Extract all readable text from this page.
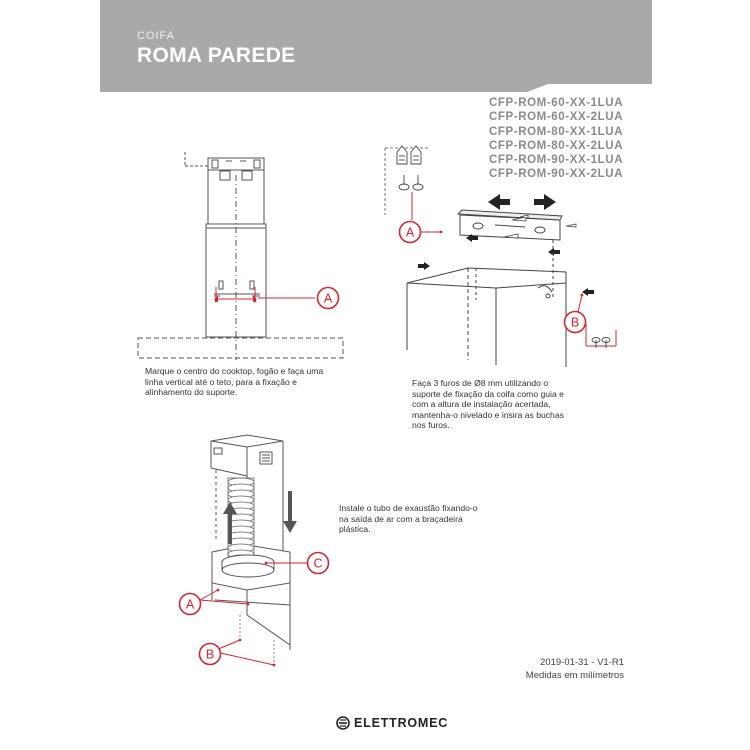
COIFA
ROMA PAREDE
CFP-ROM-60-XX-1LUA
CFP-ROM-60-XX-2LUA
CFP-ROM-80-XX-1LUA
CFP-ROM-80-XX-2LUA
CFP-ROM-90-XX-1LUA
CFP-ROM-90-XX-2LUA
A
Marque o centro do cooktop, fogão e faça uma linha vertical até o teto, para a fixação e alinhamento do suporte.
A
B
Faça 3 furos de Ø8 mm utilizando o suporte de fixação da coifa como guia e com a altura de instalação acertada, mantenha-o nivelado e insira as buchas nos furos.
C
A
B
Instale o tubo de exaustão fixando-o na saída de ar com a braçadeira plástica.
2019-01-31 - V1-R1
Medidas em milímetros
ELETTROMEC
